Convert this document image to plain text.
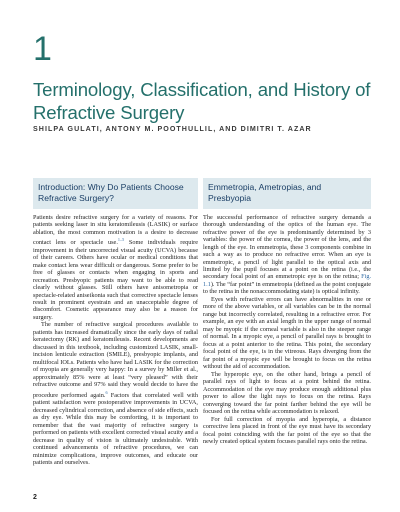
1
Terminology, Classification, and History of Refractive Surgery
SHILPA GULATI, ANTONY M. POOTHULLIL, AND DIMITRI T. AZAR
Introduction: Why Do Patients Choose Refractive Surgery?

Patients desire refractive surgery for a variety of reasons. For patients seeking laser in situ keratomileusis (LASIK) or surface ablation, the most common motivation is a desire to decrease contact lens or spectacle use.$^{1-5}$ Some individuals require improvement in their uncorrected visual acuity (UCVA) because of their careers. Others have ocular or medical conditions that make contact lens wear difficult or dangerous. Some prefer to be free of glasses or contacts when engaging in sports and recreation. Presbyopic patients may want to be able to read clearly without glasses. Still others have anisometropia or spectacle-related aniseikonia such that corrective spectacle lenses result in prominent eyestrain and an unacceptable degree of discomfort. Cosmetic appearance may also be a reason for surgery.

The number of refractive surgical procedures available to patients has increased dramatically since the early days of radial keratectomy (RK) and keratomileusis. Recent developments are discussed in this textbook, including customized LASIK, small-incision lenticule extraction (SMILE), presbyopic implants, and multifocal IOLs. Patients who have had LASIK for the correction of myopia are generally very happy: In a survey by Miller et al., approximately 85% were at least “very pleased” with their refractive outcome and 97% said they would decide to have the procedure performed again.$^6$ Factors that correlated well with patient satisfaction were postoperative improvements in UCVA, decreased cylindrical correction, and absence of side effects, such as dry eye. While this may be comforting, it is important to remember that the vast majority of refractive surgery is performed on patients with excellent corrected visual acuity and a decrease in quality of vision is ultimately undesirable. With continued advancements of refractive procedures, we can minimize complications, improve outcomes, and educate our patients and ourselves.

Emmetropia, Ametropias, and Presbyopia

The successful performance of refractive surgery demands a thorough understanding of the optics of the human eye. The refractive power of the eye is predominantly determined by 3 variables: the power of the cornea, the power of the lens, and the length of the eye. In emmetropia, these 3 components combine in such a way as to produce no refractive error. When an eye is emmetropic, a pencil of light parallel to the optical axis and limited by the pupil focuses at a point on the retina (i.e., the secondary focal point of an emmetropic eye is on the retina; Fig. 1.1). The “far point” in emmetropia (defined as the point conjugate to the retina in the nonaccommodating state) is optical infinity.

Eyes with refractive errors can have abnormalities in one or more of the above variables, or all variables can be in the normal range but incorrectly correlated, resulting in a refractive error. For example, an eye with an axial length in the upper range of normal may be myopic if the corneal variable is also in the steeper range of normal. In a myopic eye, a pencil of parallel rays is brought to focus at a point anterior to the retina. This point, the secondary focal point of the eye, is in the vitreous. Rays diverging from the far point of a myopic eye will be brought to focus on the retina without the aid of accommodation.

The hyperopic eye, on the other hand, brings a pencil of parallel rays of light to focus at a point behind the retina. Accommodation of the eye may produce enough additional plus power to allow the light rays to focus on the retina. Rays converging toward the far point farther behind the eye will be focused on the retina while accommodation is relaxed.

For full correction of myopia and hyperopia, a distance corrective lens placed in front of the eye must have its secondary focal point coinciding with the far point of the eye so that the newly created optical system focuses parallel rays onto the retina.

2
